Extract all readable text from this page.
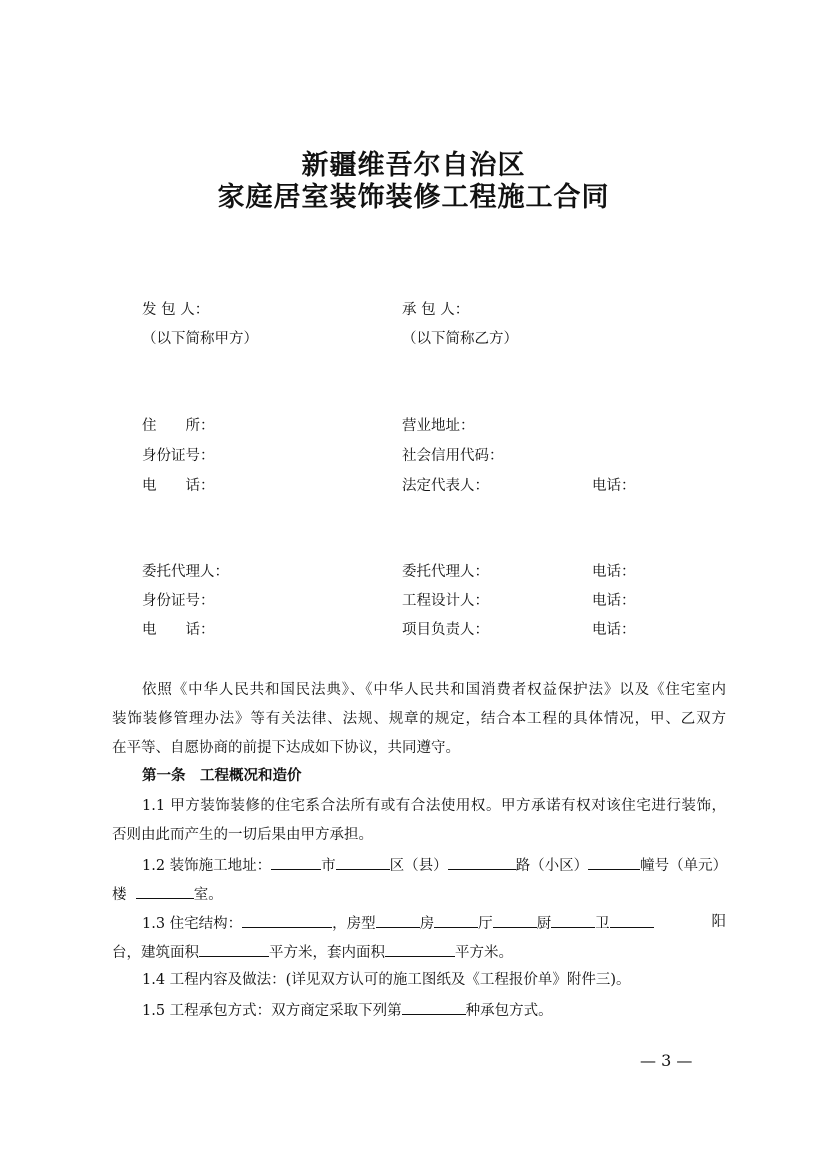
新疆维吾尔自治区
家庭居室装饰装修工程施工合同
发 包 人：	承 包 人：
（以下简称甲方）	（以下简称乙方）
住　　所：	营业地址：
身份证号：	社会信用代码：
电　　话：	法定代表人：	电话：
委托代理人：	委托代理人：	电话：
身份证号：	工程设计人：	电话：
电　　话：	项目负责人：	电话：
依照《中华人民共和国民法典》、《中华人民共和国消费者权益保护法》以及《住宅室内
装饰装修管理办法》等有关法律、法规、规章的规定，结合本工程的具体情况，甲、乙双方
在平等、自愿协商的前提下达成如下协议，共同遵守。
第一条　工程概况和造价
1.1 甲方装饰装修的住宅系合法所有或有合法使用权。甲方承诺有权对该住宅进行装饰，
否则由此而产生的一切后果由甲方承担。
1.2 装饰施工地址：	市	区（县）	路（小区）	幢号（单元）
楼	室。
1.3 住宅结构：	，房型	房	厅	厨	卫	阳
台，建筑面积	平方米，套内面积	平方米。
1.4 工程内容及做法：(详见双方认可的施工图纸及《工程报价单》附件三)。
1.5 工程承包方式：双方商定采取下列第	种承包方式。
— 3 —
